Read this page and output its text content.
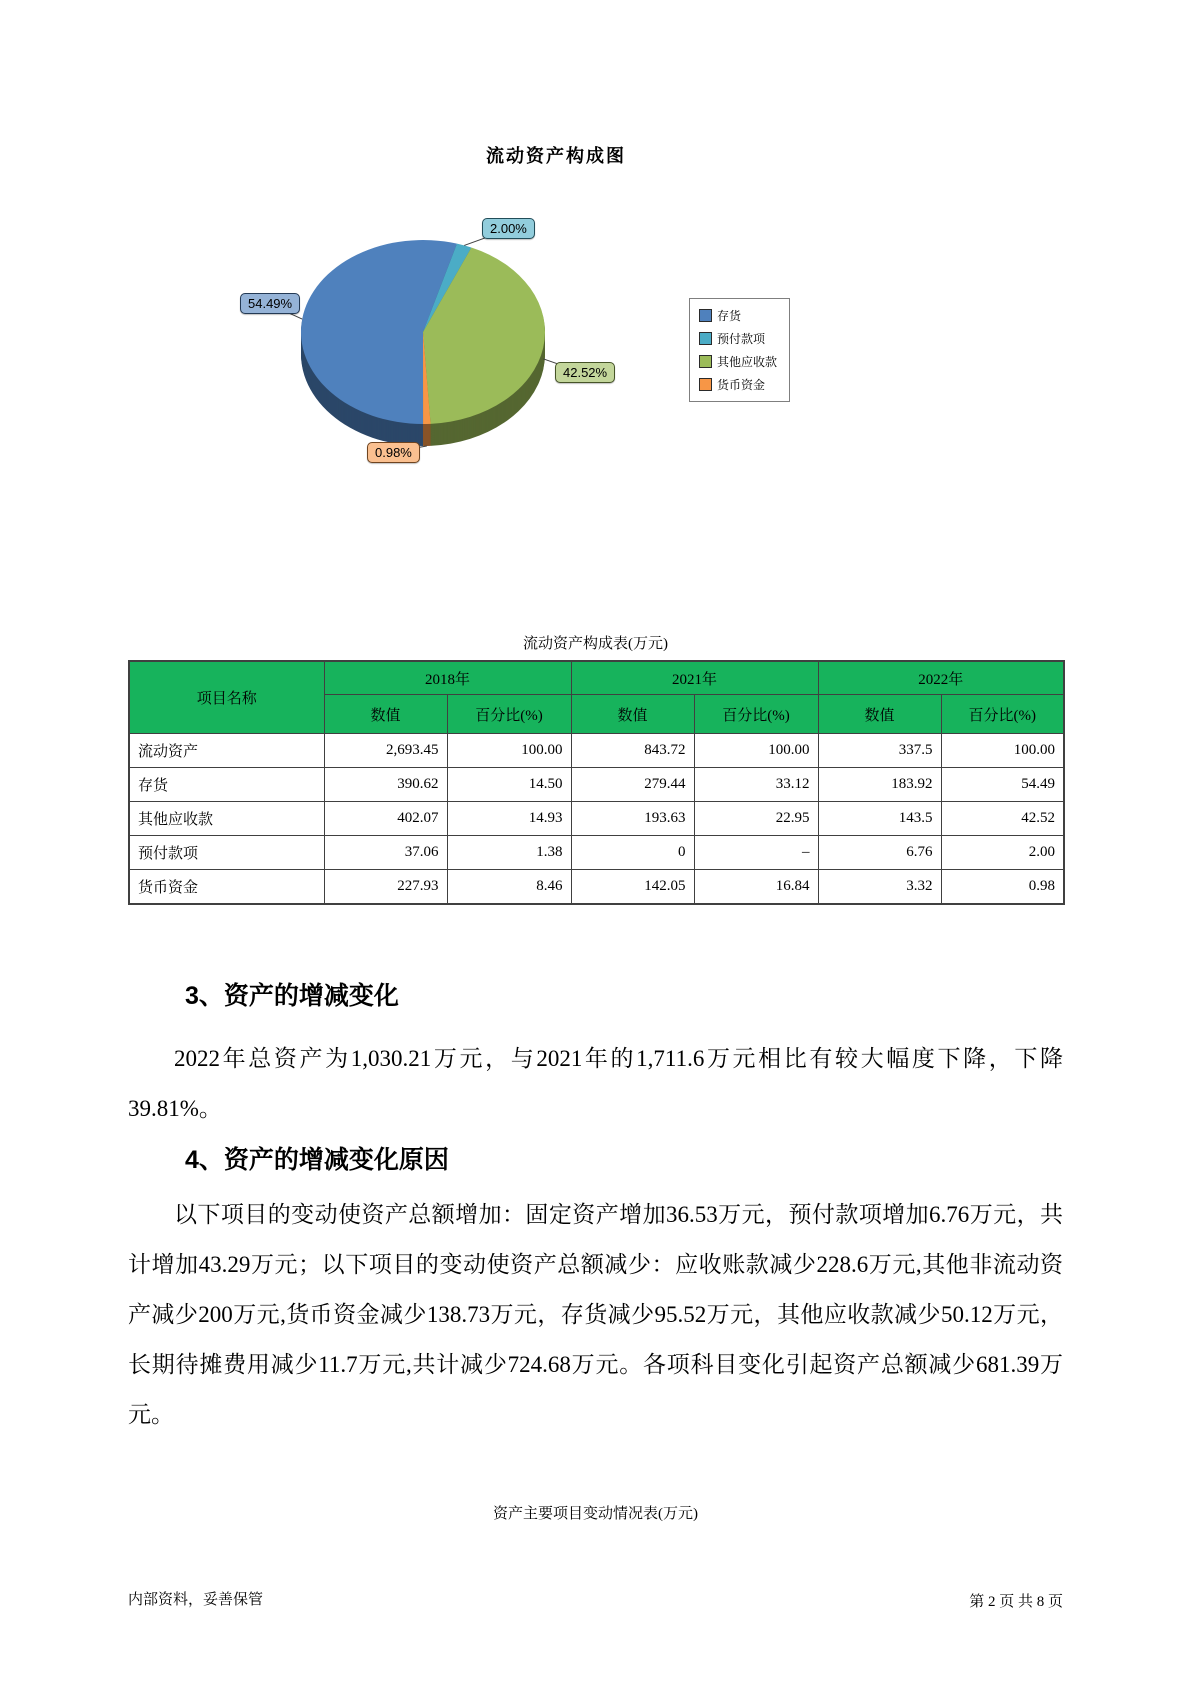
流动资产构成图
54.49%
2.00%
42.52%
0.98%
存货
预付款项
其他应收款
货币资金
流动资产构成表(万元)
项目名称	2018年		2021年		2022年	
	数值	百分比(%)	数值	百分比(%)	数值	百分比(%)
流动资产	2,693.45	100.00	843.72	100.00	337.5	100.00
存货	390.62	14.50	279.44	33.12	183.92	54.49
其他应收款	402.07	14.93	193.63	22.95	143.5	42.52
预付款项	37.06	1.38	0	–	6.76	2.00
货币资金	227.93	8.46	142.05	16.84	3.32	0.98
3、资产的增减变化
2022年总资产为1,030.21万元，与2021年的1,711.6万元相比有较大幅度下降，下降39.81%。
4、资产的增减变化原因
以下项目的变动使资产总额增加：固定资产增加36.53万元，预付款项增加6.76万元，共计增加43.29万元；以下项目的变动使资产总额减少：应收账款减少228.6万元,其他非流动资产减少200万元,货币资金减少138.73万元，存货减少95.52万元，其他应收款减少50.12万元，长期待摊费用减少11.7万元,共计减少724.68万元。各项科目变化引起资产总额减少681.39万元。
资产主要项目变动情况表(万元)
内部资料，妥善保管	第 2 页 共 8 页
